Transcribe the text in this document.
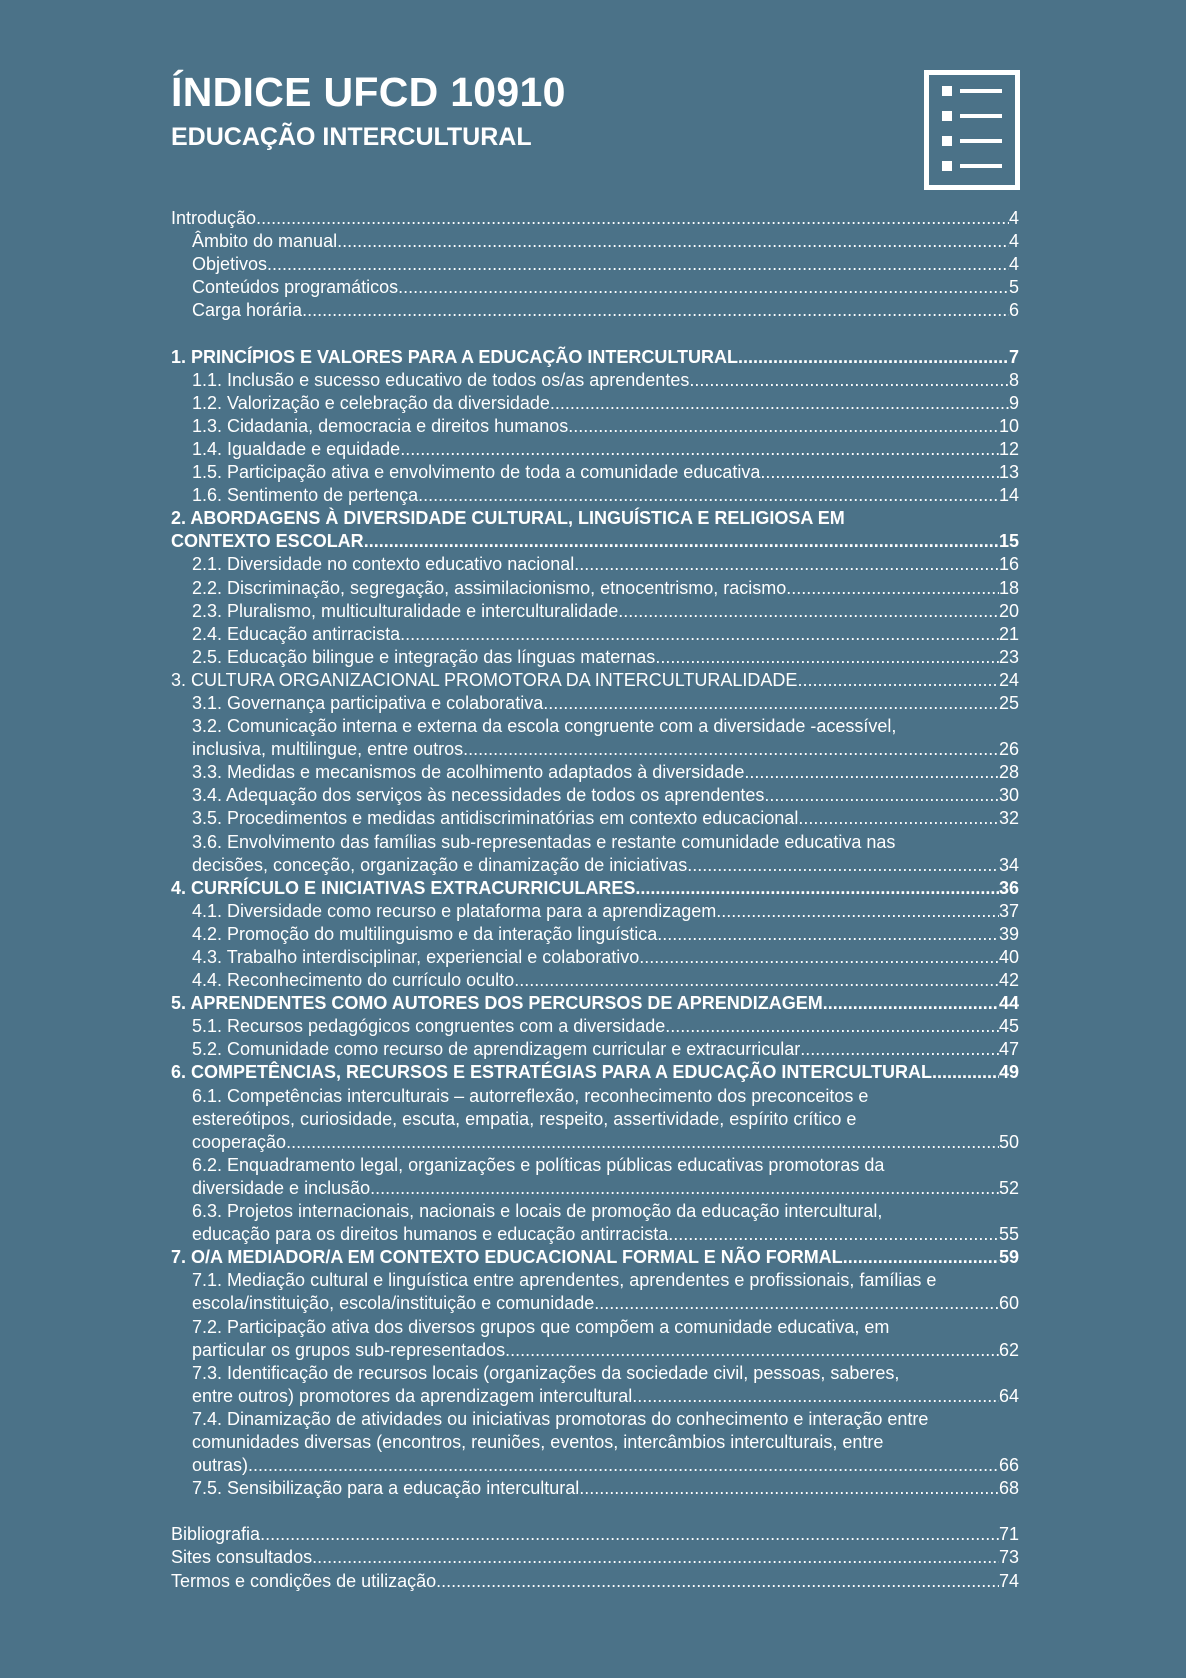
ÍNDICE UFCD 10910
EDUCAÇÃO INTERCULTURAL
Introdução .....	4
Âmbito do manual .....	4
Objetivos .....	4
Conteúdos programáticos .....	5
Carga horária .....	6
1. PRINCÍPIOS E VALORES PARA A EDUCAÇÃO INTERCULTURAL .....	7
1.1. Inclusão e sucesso educativo de todos os/as aprendentes .....	8
1.2. Valorização e celebração da diversidade .....	9
1.3. Cidadania, democracia e direitos humanos .....	10
1.4. Igualdade e equidade .....	12
1.5. Participação ativa e envolvimento de toda a comunidade educativa .....	13
1.6. Sentimento de pertença .....	14
2. ABORDAGENS À DIVERSIDADE CULTURAL, LINGUÍSTICA E RELIGIOSA EM
CONTEXTO ESCOLAR .....	15
2.1. Diversidade no contexto educativo nacional .....	16
2.2. Discriminação, segregação, assimilacionismo, etnocentrismo, racismo .....	18
2.3. Pluralismo, multiculturalidade e interculturalidade .....	20
2.4. Educação antirracista .....	21
2.5. Educação bilingue e integração das línguas maternas .....	23
3. CULTURA ORGANIZACIONAL PROMOTORA DA INTERCULTURALIDADE .....	24
3.1. Governança participativa e colaborativa .....	25
3.2. Comunicação interna e externa da escola congruente com a diversidade -acessível,
inclusiva, multilingue, entre outros .....	26
3.3. Medidas e mecanismos de acolhimento adaptados à diversidade .....	28
3.4. Adequação dos serviços às necessidades de todos os aprendentes .....	30
3.5. Procedimentos e medidas antidiscriminatórias em contexto educacional .....	32
3.6. Envolvimento das famílias sub-representadas e restante comunidade educativa nas
decisões, conceção, organização e dinamização de iniciativas .....	34
4. CURRÍCULO E INICIATIVAS EXTRACURRICULARES .....	36
4.1. Diversidade como recurso e plataforma para a aprendizagem .....	37
4.2. Promoção do multilinguismo e da interação linguística .....	39
4.3. Trabalho interdisciplinar, experiencial e colaborativo .....	40
4.4. Reconhecimento do currículo oculto .....	42
5. APRENDENTES COMO AUTORES DOS PERCURSOS DE APRENDIZAGEM .....	44
5.1. Recursos pedagógicos congruentes com a diversidade .....	45
5.2. Comunidade como recurso de aprendizagem curricular e extracurricular .....	47
6. COMPETÊNCIAS, RECURSOS E ESTRATÉGIAS PARA A EDUCAÇÃO INTERCULTURAL .....	49
6.1. Competências interculturais – autorreflexão, reconhecimento dos preconceitos e
estereótipos, curiosidade, escuta, empatia, respeito, assertividade, espírito crítico e
cooperação .....	50
6.2. Enquadramento legal, organizações e políticas públicas educativas promotoras da
diversidade e inclusão .....	52
6.3. Projetos internacionais, nacionais e locais de promoção da educação intercultural,
educação para os direitos humanos e educação antirracista .....	55
7. O/A MEDIADOR/A EM CONTEXTO EDUCACIONAL FORMAL E NÃO FORMAL .....	59
7.1. Mediação cultural e linguística entre aprendentes, aprendentes e profissionais, famílias e
escola/instituição, escola/instituição e comunidade .....	60
7.2. Participação ativa dos diversos grupos que compõem a comunidade educativa, em
particular os grupos sub-representados .....	62
7.3. Identificação de recursos locais (organizações da sociedade civil, pessoas, saberes,
entre outros) promotores da aprendizagem intercultural .....	64
7.4. Dinamização de atividades ou iniciativas promotoras do conhecimento e interação entre
comunidades diversas (encontros, reuniões, eventos, intercâmbios interculturais, entre
outras) .....	66
7.5. Sensibilização para a educação intercultural .....	68
Bibliografia .....	71
Sites consultados .....	73
Termos e condições de utilização .....	74
